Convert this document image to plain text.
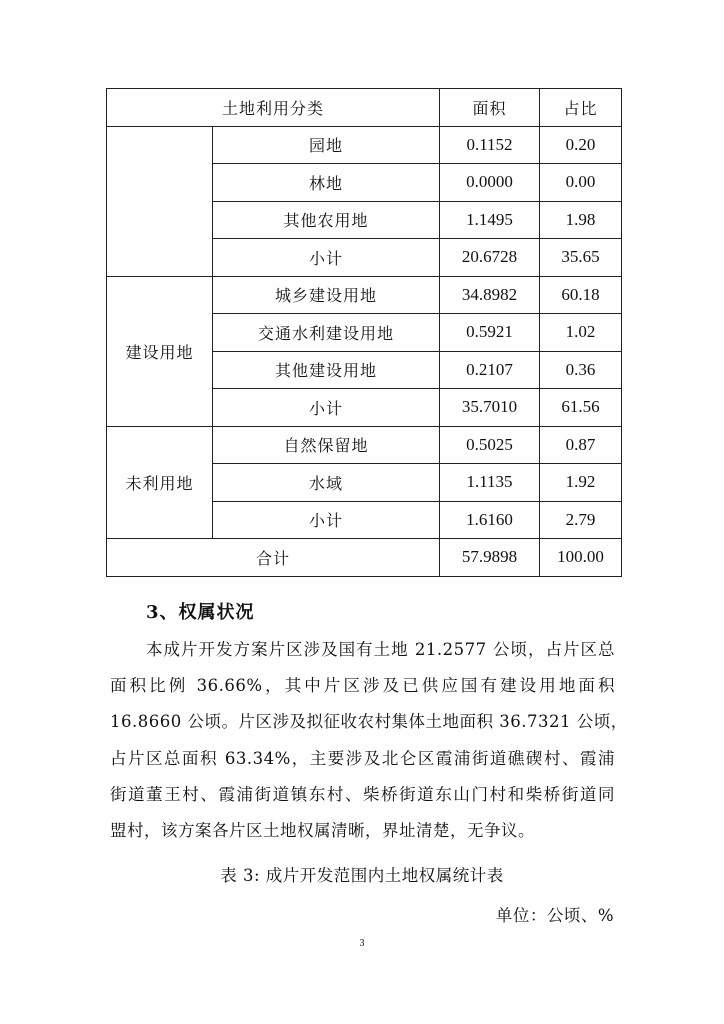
土地利用分类		面积	占比
	园地	0.1152	0.20
	林地	0.0000	0.00
	其他农用地	1.1495	1.98
	小计	20.6728	35.65
建设用地	城乡建设用地	34.8982	60.18
	交通水利建设用地	0.5921	1.02
	其他建设用地	0.2107	0.36
	小计	35.7010	61.56
未利用地	自然保留地	0.5025	0.87
	水域	1.1135	1.92
	小计	1.6160	2.79
合计		57.9898	100.00
3、权属状况
本成片开发方案片区涉及国有土地 21.2577 公顷，占片区总
面积比例 36.66%，其中片区涉及已供应国有建设用地面积
16.8660 公顷。片区涉及拟征收农村集体土地面积 36.7321 公顷，
占片区总面积 63.34%，主要涉及北仑区霞浦街道礁碶村、霞浦
街道董王村、霞浦街道镇东村、柴桥街道东山门村和柴桥街道同
盟村，该方案各片区土地权属清晰，界址清楚，无争议。
表 3: 成片开发范围内土地权属统计表
单位：公顷、%
3
